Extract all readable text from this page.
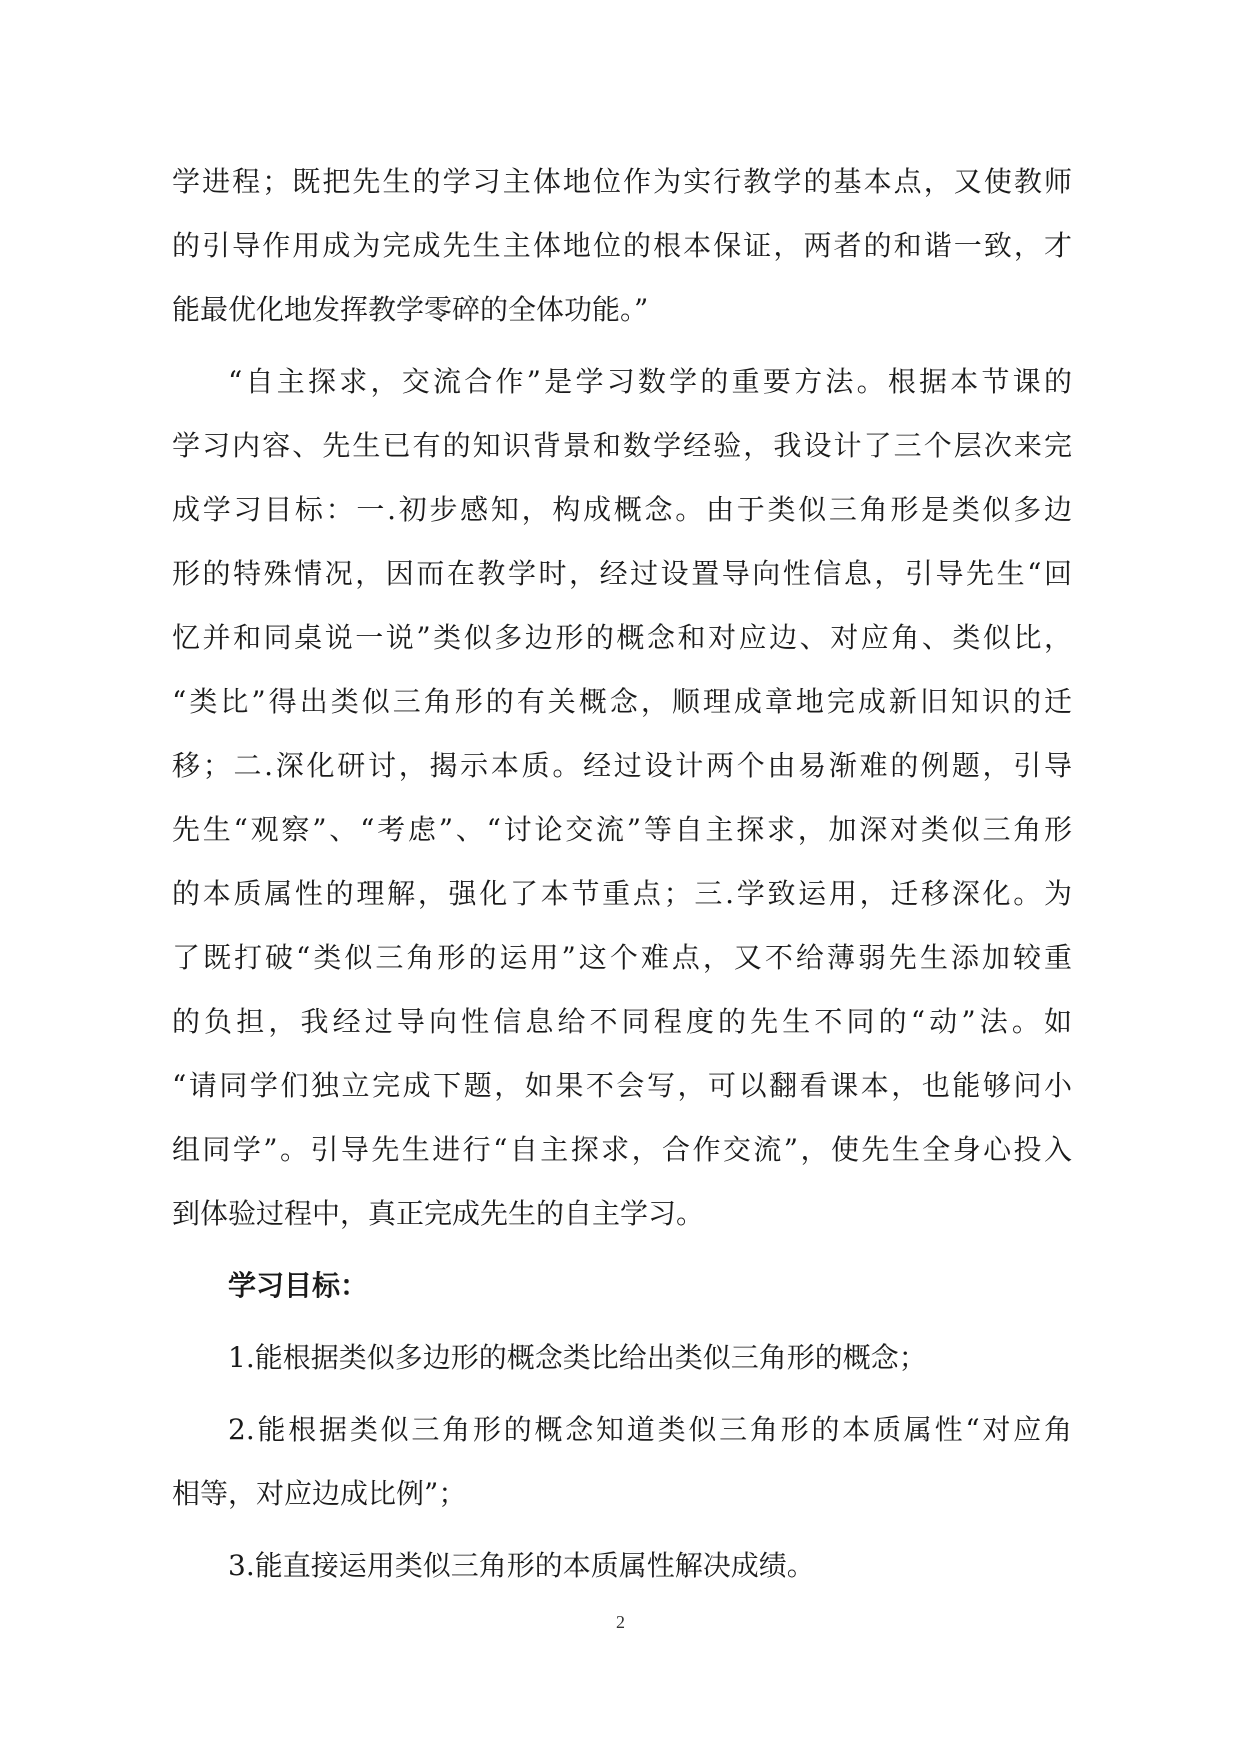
学进程；既把先生的学习主体地位作为实行教学的基本点，又使教师
的引导作用成为完成先生主体地位的根本保证，两者的和谐一致，才
能最优化地发挥教学零碎的全体功能。”
“自主探求，交流合作”是学习数学的重要方法。根据本节课的
学习内容、先生已有的知识背景和数学经验，我设计了三个层次来完
成学习目标：一.初步感知，构成概念。由于类似三角形是类似多边
形的特殊情况，因而在教学时，经过设置导向性信息，引导先生“回
忆并和同桌说一说”类似多边形的概念和对应边、对应角、类似比，
“类比”得出类似三角形的有关概念，顺理成章地完成新旧知识的迁
移；二.深化研讨，揭示本质。经过设计两个由易渐难的例题，引导
先生“观察”、“考虑”、“讨论交流”等自主探求，加深对类似三角形
的本质属性的理解，强化了本节重点；三.学致运用，迁移深化。为
了既打破“类似三角形的运用”这个难点，又不给薄弱先生添加较重
的负担，我经过导向性信息给不同程度的先生不同的“动”法。如
“请同学们独立完成下题，如果不会写，可以翻看课本，也能够问小
组同学”。引导先生进行“自主探求，合作交流”，使先生全身心投入
到体验过程中，真正完成先生的自主学习。
学习目标：
1.能根据类似多边形的概念类比给出类似三角形的概念；
2.能根据类似三角形的概念知道类似三角形的本质属性“对应角
相等，对应边成比例”；
3.能直接运用类似三角形的本质属性解决成绩。
2
